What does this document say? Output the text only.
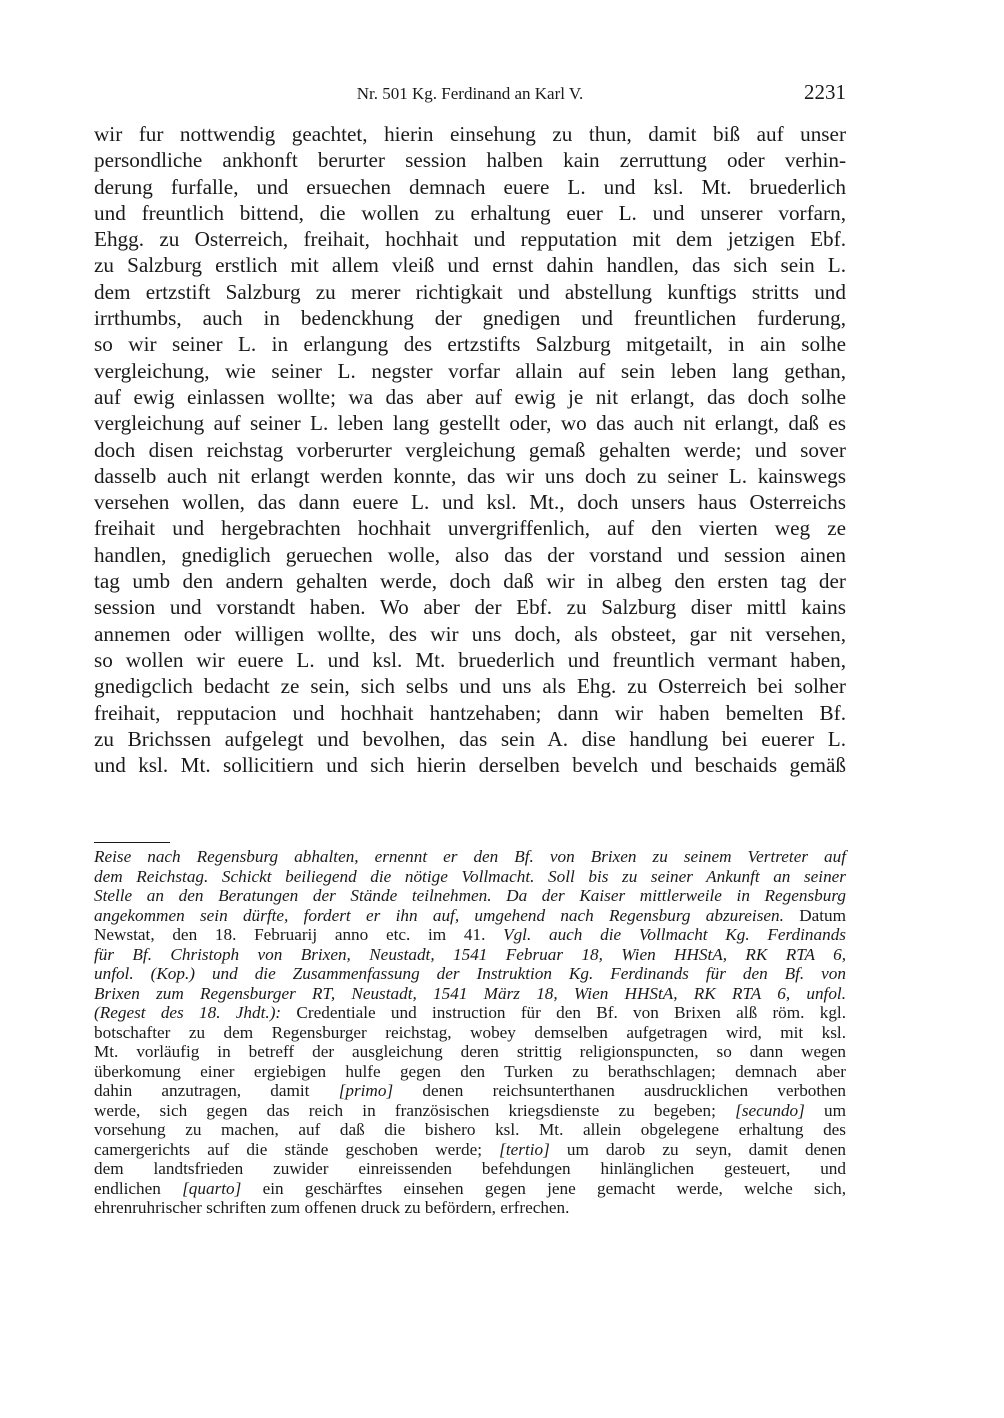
Nr. 501 Kg. Ferdinand an Karl V.	2231
wir fur nottwendig geachtet, hierin einsehung zu thun, damit biß auf unser
persondliche ankhonft berurter session halben kain zerruttung oder verhin-
derung furfalle, und ersuechen demnach euere L. und ksl. Mt. bruederlich
und freuntlich bittend, die wollen zu erhaltung euer L. und unserer vorfarn,
Ehgg. zu Osterreich, freihait, hochhait und repputation mit dem jetzigen Ebf.
zu Salzburg erstlich mit allem vleiß und ernst dahin handlen, das sich sein L.
dem ertzstift Salzburg zu merer richtigkait und abstellung kunftigs stritts und
irrthumbs, auch in bedenckhung der gnedigen und freuntlichen furderung,
so wir seiner L. in erlangung des ertzstifts Salzburg mitgetailt, in ain solhe
vergleichung, wie seiner L. negster vorfar allain auf sein leben lang gethan,
auf ewig einlassen wollte; wa das aber auf ewig je nit erlangt, das doch solhe
vergleichung auf seiner L. leben lang gestellt oder, wo das auch nit erlangt, daß es
doch disen reichstag vorberurter vergleichung gemaß gehalten werde; und sover
dasselb auch nit erlangt werden konnte, das wir uns doch zu seiner L. kainswegs
versehen wollen, das dann euere L. und ksl. Mt., doch unsers haus Osterreichs
freihait und hergebrachten hochhait unvergriffenlich, auf den vierten weg ze
handlen, gnediglich geruechen wolle, also das der vorstand und session ainen
tag umb den andern gehalten werde, doch daß wir in albeg den ersten tag der
session und vorstandt haben. Wo aber der Ebf. zu Salzburg diser mittl kains
annemen oder willigen wollte, des wir uns doch, als obsteet, gar nit versehen,
so wollen wir euere L. und ksl. Mt. bruederlich und freuntlich vermant haben,
gnedigclich bedacht ze sein, sich selbs und uns als Ehg. zu Osterreich bei solher
freihait, repputacion und hochhait hantzehaben; dann wir haben bemelten Bf.
zu Brichssen aufgelegt und bevolhen, das sein A. dise handlung bei euerer L.
und ksl. Mt. sollicitiern und sich hierin derselben bevelch und beschaids gemäß
Reise nach Regensburg abhalten, ernennt er den Bf. von Brixen zu seinem Vertreter auf
dem Reichstag. Schickt beiliegend die nötige Vollmacht. Soll bis zu seiner Ankunft an seiner
Stelle an den Beratungen der Stände teilnehmen. Da der Kaiser mittlerweile in Regensburg
angekommen sein dürfte, fordert er ihn auf, umgehend nach Regensburg abzureisen. Datum
Newstat, den 18. Februarij anno etc. im 41. Vgl. auch die Vollmacht Kg. Ferdinands
für Bf. Christoph von Brixen, Neustadt, 1541 Februar 18, Wien HHStA, RK RTA 6,
unfol. (Kop.) und die Zusammenfassung der Instruktion Kg. Ferdinands für den Bf. von
Brixen zum Regensburger RT, Neustadt, 1541 März 18, Wien HHStA, RK RTA 6, unfol.
(Regest des 18. Jhdt.): Credentiale und instruction für den Bf. von Brixen alß röm. kgl.
botschafter zu dem Regensburger reichstag, wobey demselben aufgetragen wird, mit ksl.
Mt. vorläufig in betreff der ausgleichung deren strittig religionspuncten, so dann wegen
überkomung einer ergiebigen hulfe gegen den Turken zu berathschlagen; demnach aber
dahin anzutragen, damit [primo] denen reichsunterthanen ausdrucklichen verbothen
werde, sich gegen das reich in französischen kriegsdienste zu begeben; [secundo] um
vorsehung zu machen, auf daß die bishero ksl. Mt. allein obgelegene erhaltung des
camergerichts auf die stände geschoben werde; [tertio] um darob zu seyn, damit denen
dem landtsfrieden zuwider einreissenden befehdungen hinlänglichen gesteuert, und
endlichen [quarto] ein geschärftes einsehen gegen jene gemacht werde, welche sich,
ehrenruhrischer schriften zum offenen druck zu befördern, erfrechen.
